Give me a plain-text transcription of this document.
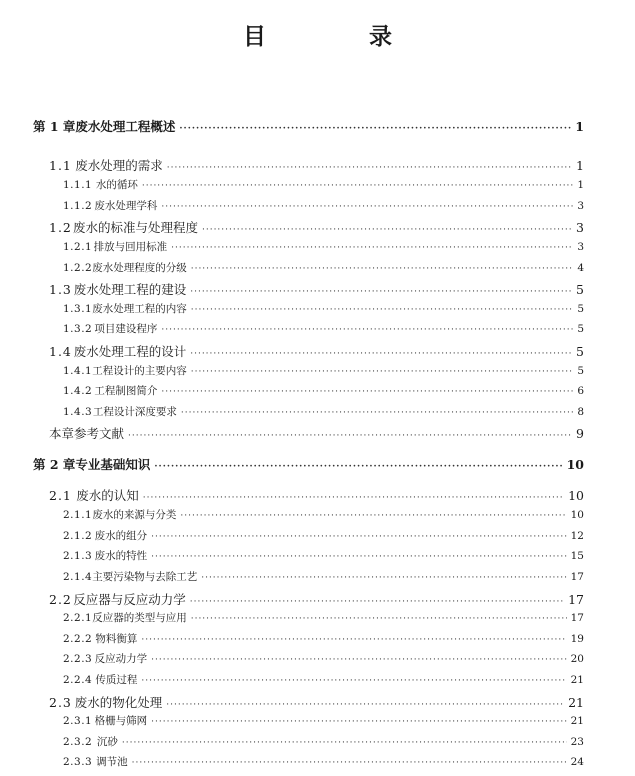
目　录
第 1 章 废水处理工程概述 ·····	1
1.1 废水处理的需求 ·····	1
1.1.1 水的循环 ·····	1
1.1.2 废水处理学科 ·····	3
1.2 废水的标准与处理程度 ·····	3
1.2.1 排放与回用标准 ·····	3
1.2.2 废水处理程度的分级 ·····	4
1.3 废水处理工程的建设 ·····	5
1.3.1 废水处理工程的内容 ·····	5
1.3.2 项目建设程序 ·····	5
1.4 废水处理工程的设计 ·····	5
1.4.1 工程设计的主要内容 ·····	5
1.4.2 工程制图简介 ·····	6
1.4.3 工程设计深度要求 ·····	8
本章参考文献 ·····	9
第 2 章 专业基础知识 ·····	10
2.1 废水的认知 ·····	10
2.1.1 废水的来源与分类 ·····	10
2.1.2 废水的组分 ·····	12
2.1.3 废水的特性 ·····	15
2.1.4 主要污染物与去除工艺 ·····	17
2.2 反应器与反应动力学 ·····	17
2.2.1 反应器的类型与应用 ·····	17
2.2.2 物料衡算 ·····	19
2.2.3 反应动力学 ·····	20
2.2.4 传质过程 ·····	21
2.3 废水的物化处理 ·····	21
2.3.1 格栅与筛网 ·····	21
2.3.2 沉砂 ·····	23
2.3.3 调节池 ·····	24
